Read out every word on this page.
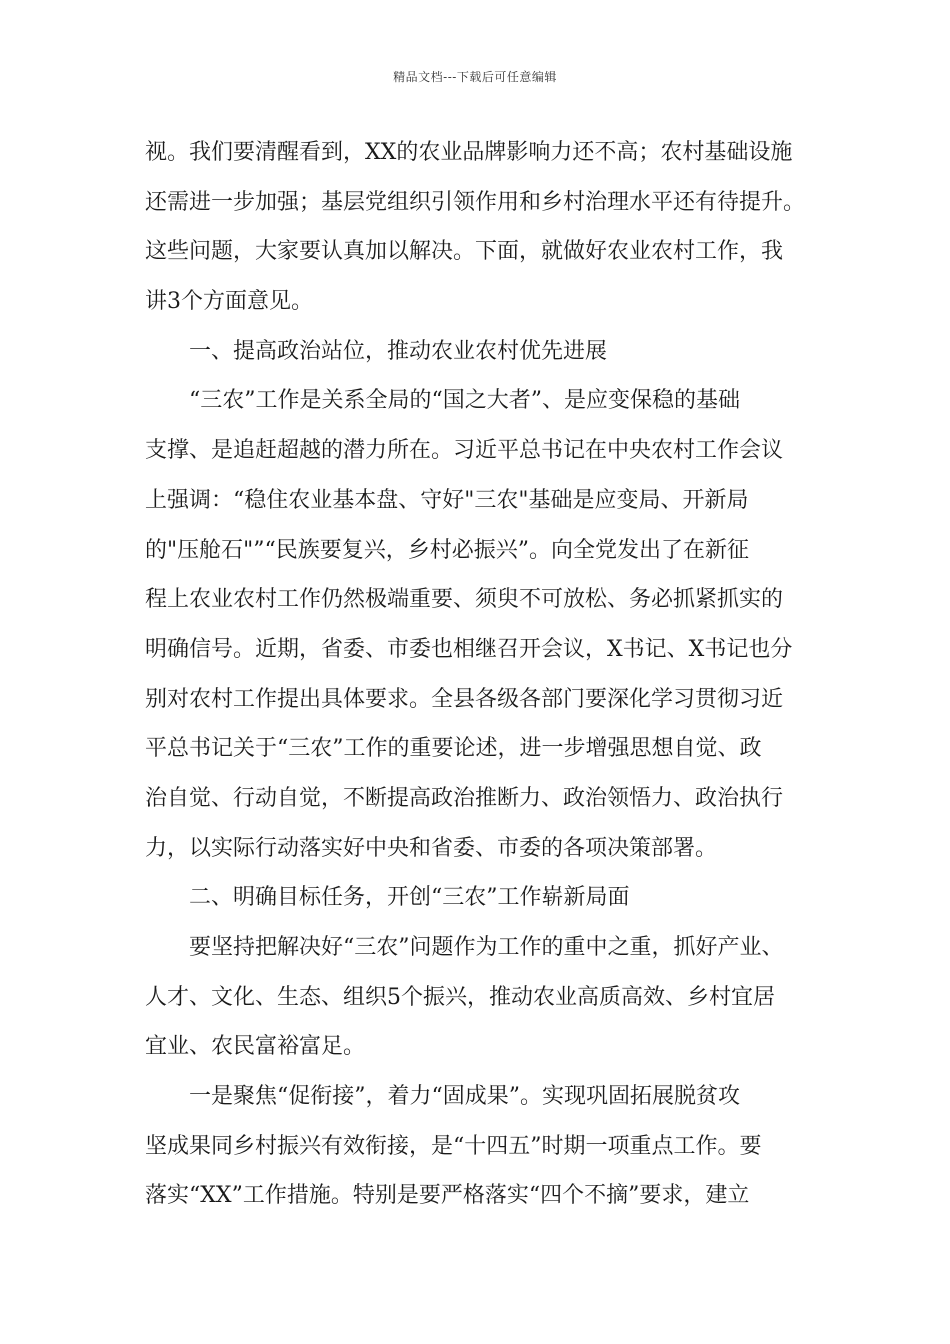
精品文档---下载后可任意编辑
视。我们要清醒看到，XX的农业品牌影响力还不高；农村基础设施
还需进一步加强；基层党组织引领作用和乡村治理水平还有待提升。
这些问题，大家要认真加以解决。下面，就做好农业农村工作，我
讲3个方面意见。
一、提高政治站位，推动农业农村优先进展
“三农”工作是关系全局的“国之大者”、是应变保稳的基础
支撑、是追赶超越的潜力所在。习近平总书记在中央农村工作会议
上强调：“稳住农业基本盘、守好"三农"基础是应变局、开新局
的"压舱石"”“民族要复兴，乡村必振兴”。向全党发出了在新征
程上农业农村工作仍然极端重要、须臾不可放松、务必抓紧抓实的
明确信号。近期，省委、市委也相继召开会议，X书记、X书记也分
别对农村工作提出具体要求。全县各级各部门要深化学习贯彻习近
平总书记关于“三农”工作的重要论述，进一步增强思想自觉、政
治自觉、行动自觉，不断提高政治推断力、政治领悟力、政治执行
力，以实际行动落实好中央和省委、市委的各项决策部署。
二、明确目标任务，开创“三农”工作崭新局面
要坚持把解决好“三农”问题作为工作的重中之重，抓好产业、
人才、文化、生态、组织5个振兴，推动农业高质高效、乡村宜居
宜业、农民富裕富足。
一是聚焦“促衔接”，着力“固成果”。实现巩固拓展脱贫攻
坚成果同乡村振兴有效衔接，是“十四五”时期一项重点工作。要
落实“XX”工作措施。特别是要严格落实“四个不摘”要求，建立
